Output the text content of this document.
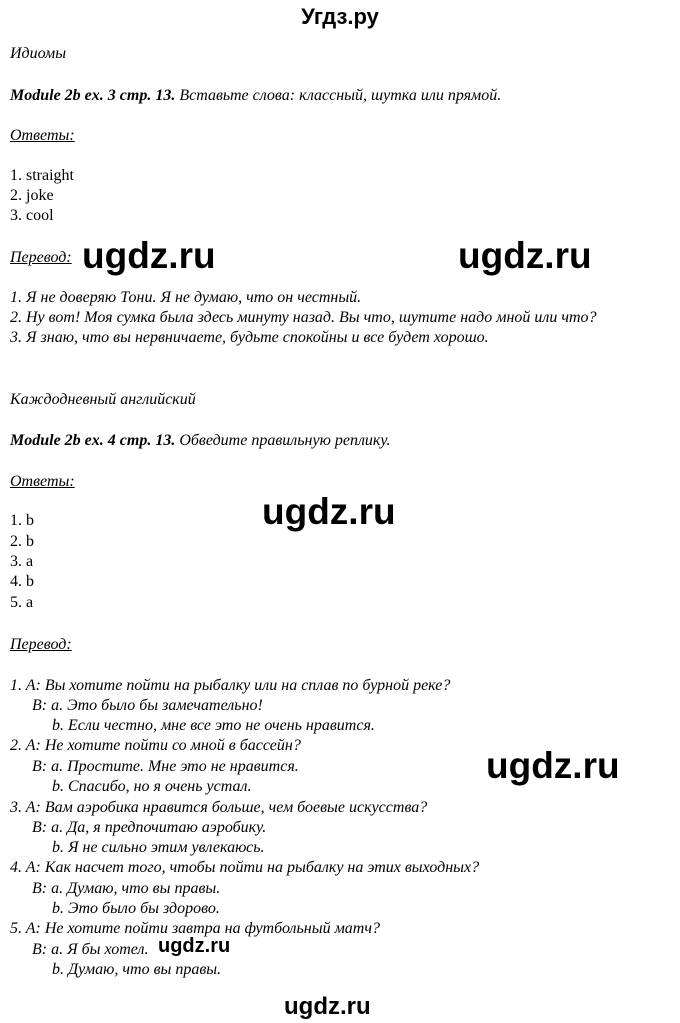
Угдз.ру
Идиомы
Module 2b ex. 3 стр. 13. Вставьте слова: классный, шутка или прямой.
Ответы:
1. straight
2. joke
3. cool
Перевод:
1. Я не доверяю Тони. Я не думаю, что он честный.
2. Ну вот! Моя сумка была здесь минуту назад. Вы что, шутите надо мной или что?
3. Я знаю, что вы нервничаете, будьте спокойны и все будет хорошо.
Каждодневный английский
Module 2b ex. 4 стр. 13. Обведите правильную реплику.
Ответы:
1. b
2. b
3. a
4. b
5. a
Перевод:
1. A: Вы хотите пойти на рыбалку или на сплав по бурной реке?
B: a. Это было бы замечательно!
b. Если честно, мне все это не очень нравится.
2. A: Не хотите пойти со мной в бассейн?
B: a. Простите. Мне это не нравится.
b. Спасибо, но я очень устал.
3. A: Вам аэробика нравится больше, чем боевые искусства?
B: a. Да, я предпочитаю аэробику.
b. Я не сильно этим увлекаюсь.
4. A: Как насчет того, чтобы пойти на рыбалку на этих выходных?
B: a. Думаю, что вы правы.
b. Это было бы здорово.
5. A: Не хотите пойти завтра на футбольный матч?
B: a. Я бы хотел.
b. Думаю, что вы правы.
ugdz.ru	ugdz.ru
ugdz.ru
ugdz.ru
ugdz.ru
ugdz.ru
